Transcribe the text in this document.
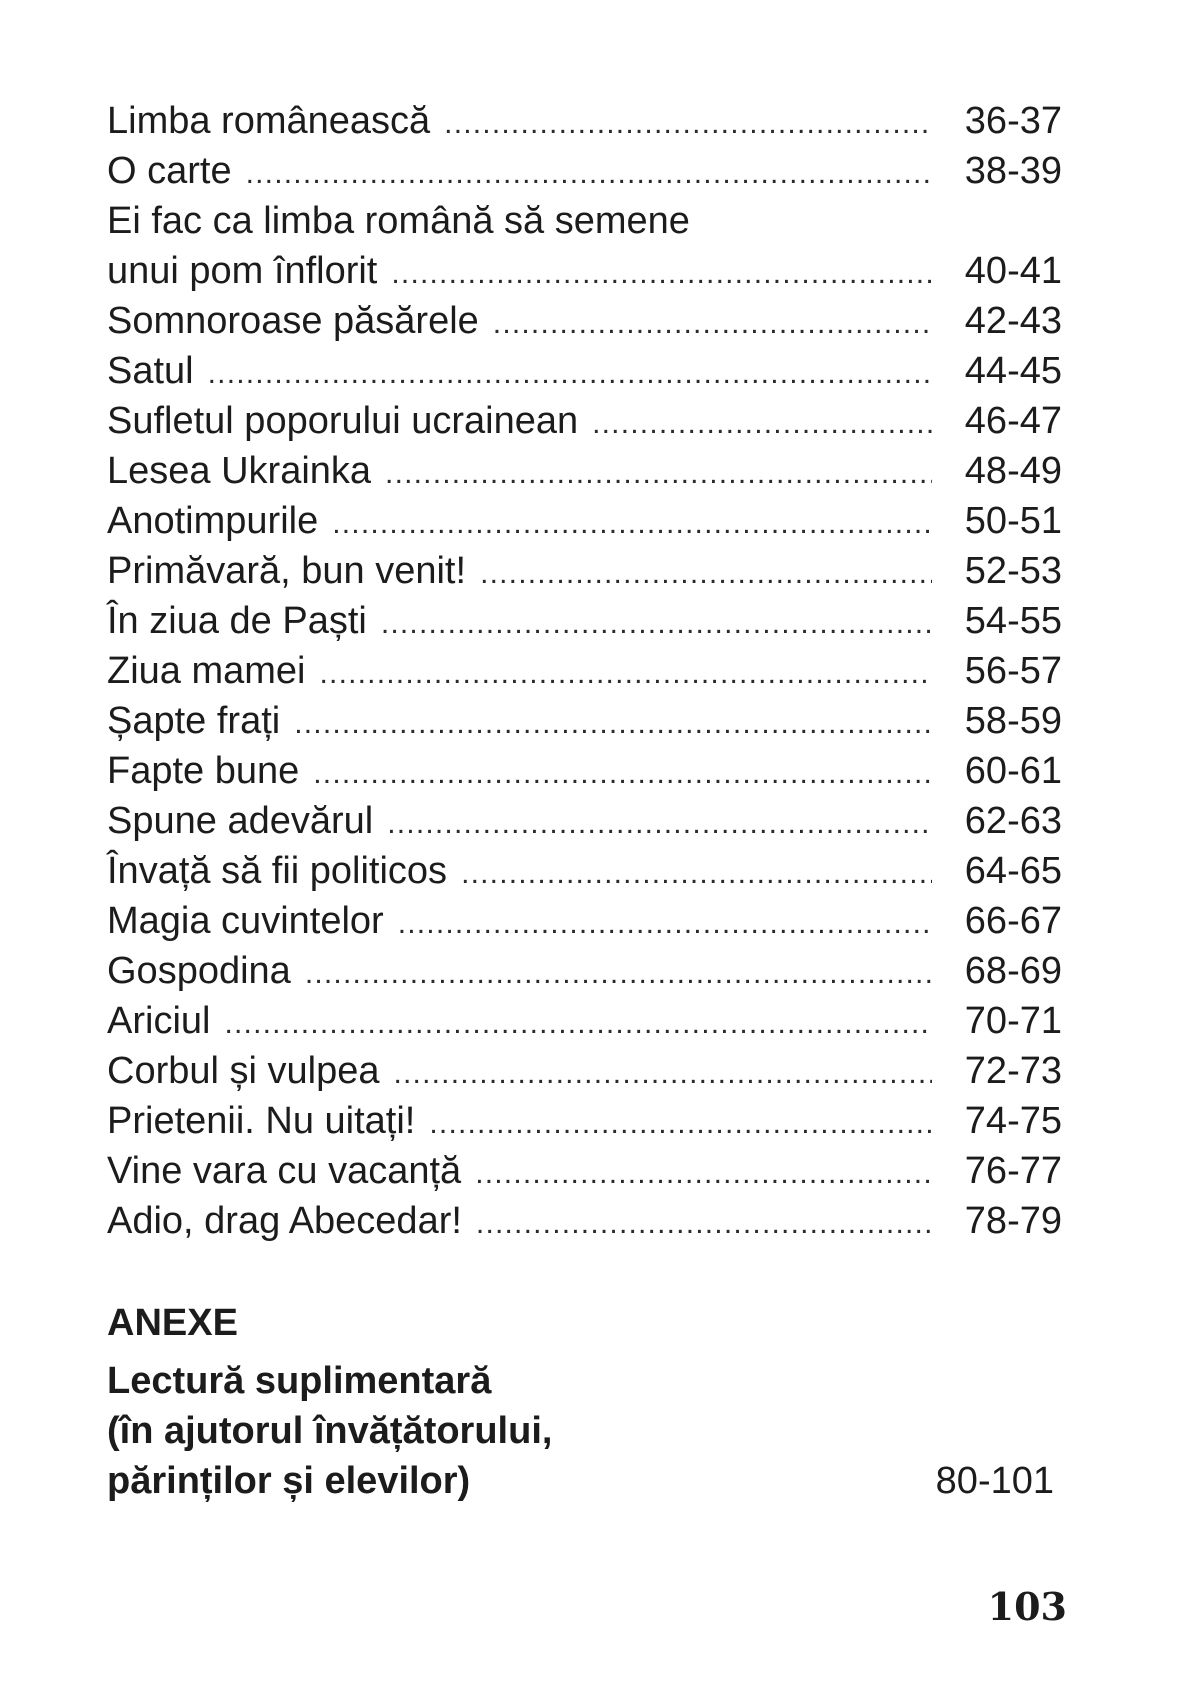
Limba românească .....	36-37
O carte .....	38-39
Ei fac ca limba română să semene
unui pom înflorit .....	40-41
Somnoroase păsărele .....	42-43
Satul .....	44-45
Sufletul poporului ucrainean .....	46-47
Lesea Ukrainka .....	48-49
Anotimpurile .....	50-51
Primăvară, bun venit! .....	52-53
În ziua de Paști .....	54-55
Ziua mamei .....	56-57
Șapte frați .....	58-59
Fapte bune .....	60-61
Spune adevărul .....	62-63
Învață să fii politicos .....	64-65
Magia cuvintelor .....	66-67
Gospodina .....	68-69
Ariciul .....	70-71
Corbul și vulpea .....	72-73
Prietenii. Nu uitați! .....	74-75
Vine vara cu vacanță .....	76-77
Adio, drag Abecedar! .....	78-79
ANEXE
Lectură suplimentară
(în ajutorul învățătorului,
părinților și elevilor)	80-101
103
